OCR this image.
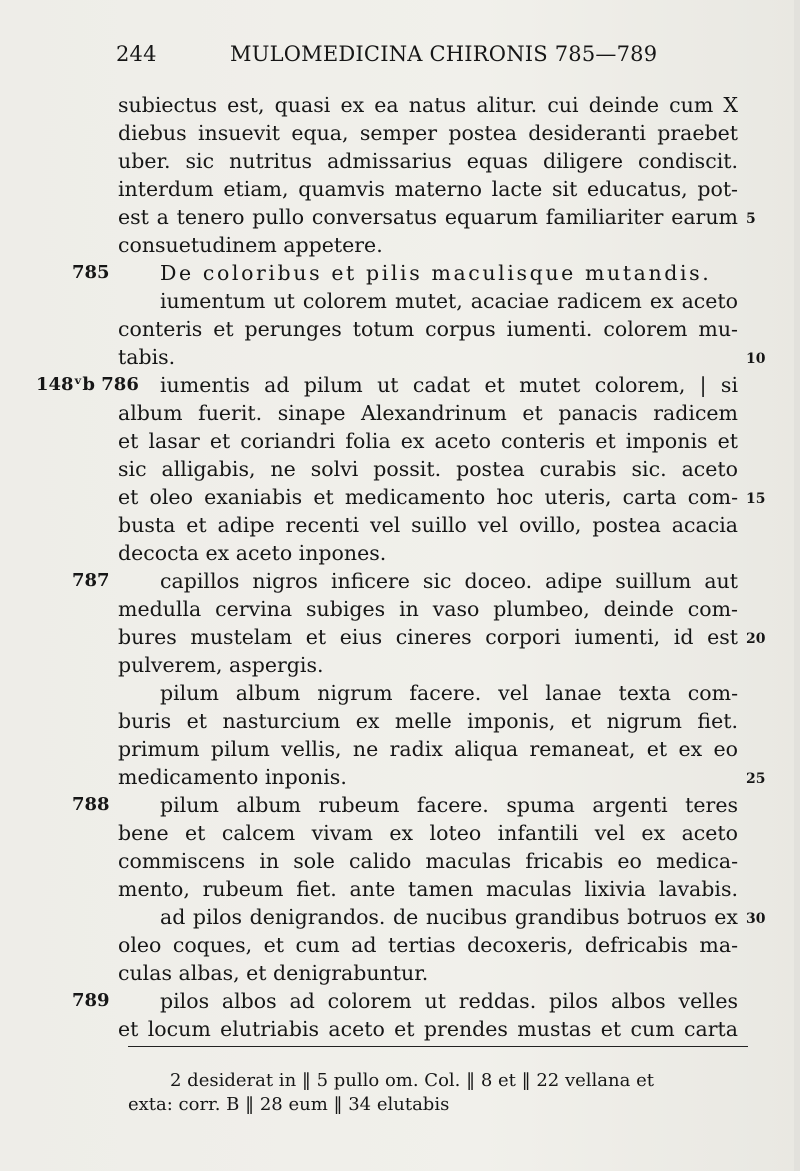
244	MULOMEDICINA CHIRONIS 785—789
subiectus est, quasi ex ea natus alitur. cui deinde cum X
diebus insuevit equa, semper postea desideranti praebet
uber. sic nutritus admissarius equas diligere condiscit.
interdum etiam, quamvis materno lacte sit educatus, pot-
est a tenero pullo conversatus equarum familiariter earum
consuetudinem appetere.
De coloribus et pilis maculisque mutandis.
iumentum ut colorem mutet, acaciae radicem ex aceto
conteris et perunges totum corpus iumenti. colorem mu-
tabis.
iumentis ad pilum ut cadat et mutet colorem, | si
album fuerit. sinape Alexandrinum et panacis radicem
et lasar et coriandri folia ex aceto conteris et imponis et
sic alligabis, ne solvi possit. postea curabis sic. aceto
et oleo exaniabis et medicamento hoc uteris, carta com-
busta et adipe recenti vel suillo vel ovillo, postea acacia
decocta ex aceto inpones.
capillos nigros inficere sic doceo. adipe suillum aut
medulla cervina subiges in vaso plumbeo, deinde com-
bures mustelam et eius cineres corpori iumenti, id est
pulverem, aspergis.
pilum album nigrum facere. vel lanae texta com-
buris et nasturcium ex melle imponis, et nigrum fiet.
primum pilum vellis, ne radix aliqua remaneat, et ex eo
medicamento inponis.
pilum album rubeum facere. spuma argenti teres
bene et calcem vivam ex loteo infantili vel ex aceto
commiscens in sole calido maculas fricabis eo medica-
mento, rubeum fiet. ante tamen maculas lixivia lavabis.
ad pilos denigrandos. de nucibus grandibus botruos ex
oleo coques, et cum ad tertias decoxeris, defricabis ma-
culas albas, et denigrabuntur.
pilos albos ad colorem ut reddas. pilos albos velles
et locum elutriabis aceto et prendes mustas et cum carta
785
148ᵛb 786
787
788
789
5
10
15
20
25
30
2 desiderat in ‖ 5 pullo om. Col. ‖ 8 et ‖ 22 vellana et
exta: corr. B ‖ 28 eum ‖ 34 elutabis
